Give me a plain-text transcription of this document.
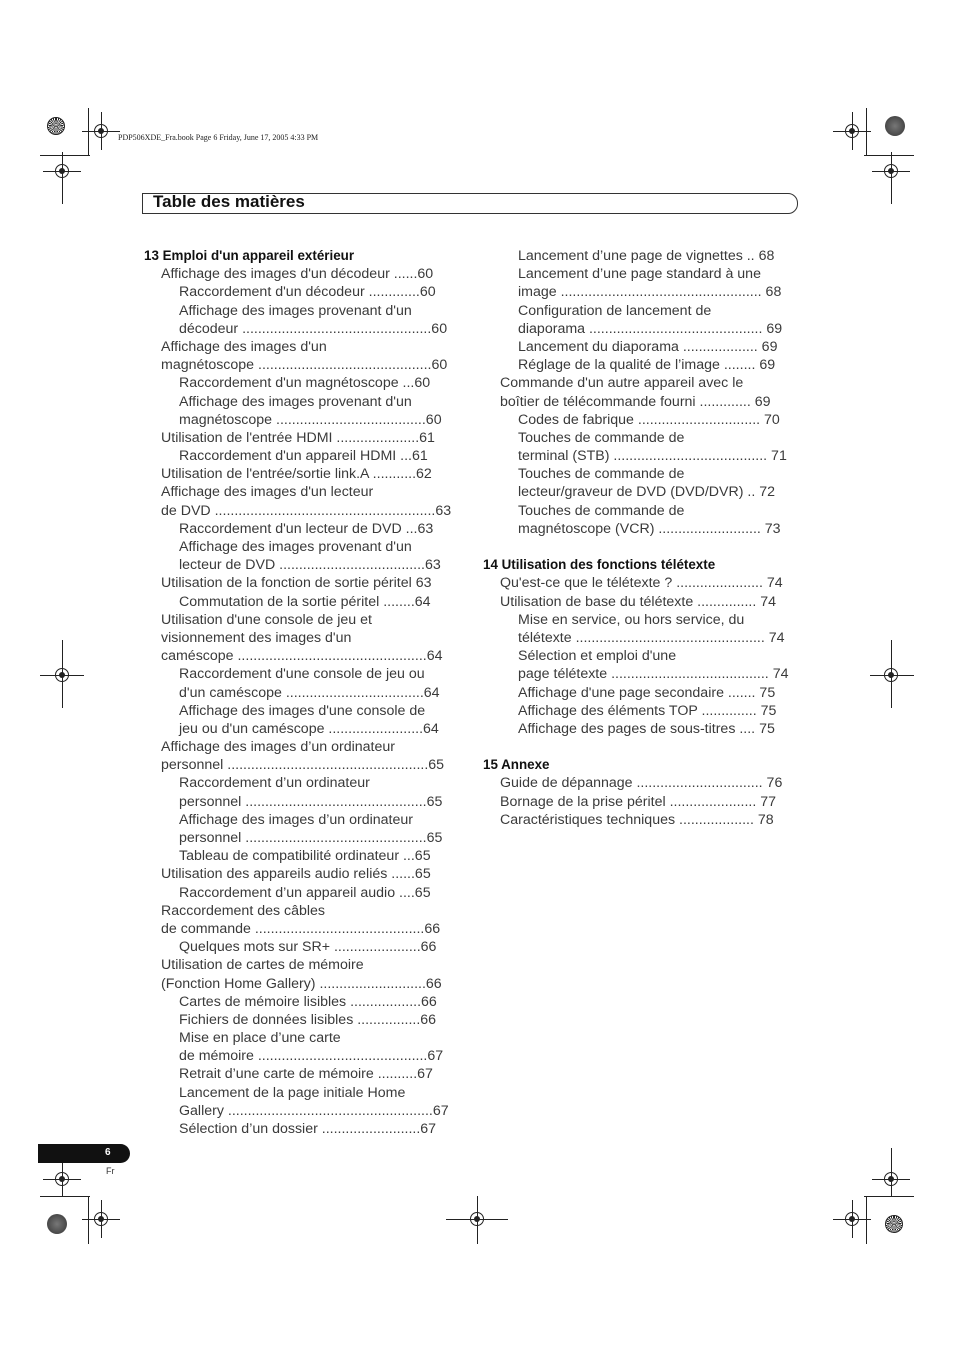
PDP506XDE_Fra.book Page 6 Friday, June 17, 2005 4:33 PM
Table des matières
13 Emploi d'un appareil extérieur
Affichage des images d'un décodeur ......60
Raccordement d'un décodeur .............60
Affichage des images provenant d'un
décodeur ................................................60
Affichage des images d'un
magnétoscope ............................................60
Raccordement d'un magnétoscope ...60
Affichage des images provenant d'un
magnétoscope ......................................60
Utilisation de l'entrée HDMI .....................61
Raccordement d'un appareil HDMI ...61
Utilisation de l'entrée/sortie link.A ...........62
Affichage des images d'un lecteur
de DVD ........................................................63
Raccordement d'un lecteur de DVD ...63
Affichage des images provenant d'un
lecteur de DVD .....................................63
Utilisation de la fonction de sortie péritel 63
Commutation de la sortie péritel ........64
Utilisation d'une console de jeu et
visionnement des images d'un
caméscope ................................................64
Raccordement d'une console de jeu ou
d'un caméscope ...................................64
Affichage des images d'une console de
jeu ou d'un caméscope ........................64
Affichage des images d’un ordinateur
personnel ...................................................65
Raccordement d’un ordinateur
personnel ..............................................65
Affichage des images d’un ordinateur
personnel ..............................................65
Tableau de compatibilité ordinateur ...65
Utilisation des appareils audio reliés ......65
Raccordement d’un appareil audio ....65
Raccordement des câbles
de commande ...........................................66
Quelques mots sur SR+ ......................66
Utilisation de cartes de mémoire
(Fonction Home Gallery) ...........................66
Cartes de mémoire lisibles ..................66
Fichiers de données lisibles ................66
Mise en place d’une carte
de mémoire ...........................................67
Retrait d’une carte de mémoire ..........67
Lancement de la page initiale Home
Gallery ....................................................67
Sélection d’un dossier .........................67
Lancement d’une page de vignettes .. 68
Lancement d’une page standard à une
image ................................................... 68
Configuration de lancement de
diaporama ............................................ 69
Lancement du diaporama ................... 69
Réglage de la qualité de l’image ........ 69
Commande d'un autre appareil avec le
boîtier de télécommande fourni ............. 69
Codes de fabrique ............................... 70
Touches de commande de
terminal (STB) ....................................... 71
Touches de commande de
lecteur/graveur de DVD (DVD/DVR) .. 72
Touches de commande de
magnétoscope (VCR) .......................... 73
14 Utilisation des fonctions télétexte
Qu'est-ce que le télétexte ? ...................... 74
Utilisation de base du télétexte ............... 74
Mise en service, ou hors service, du
télétexte ................................................ 74
Sélection et emploi d'une
page télétexte ........................................ 74
Affichage d'une page secondaire ....... 75
Affichage des éléments TOP .............. 75
Affichage des pages de sous-titres .... 75
15 Annexe
Guide de dépannage ................................ 76
Bornage de la prise péritel ...................... 77
Caractéristiques techniques ................... 78
6
Fr
